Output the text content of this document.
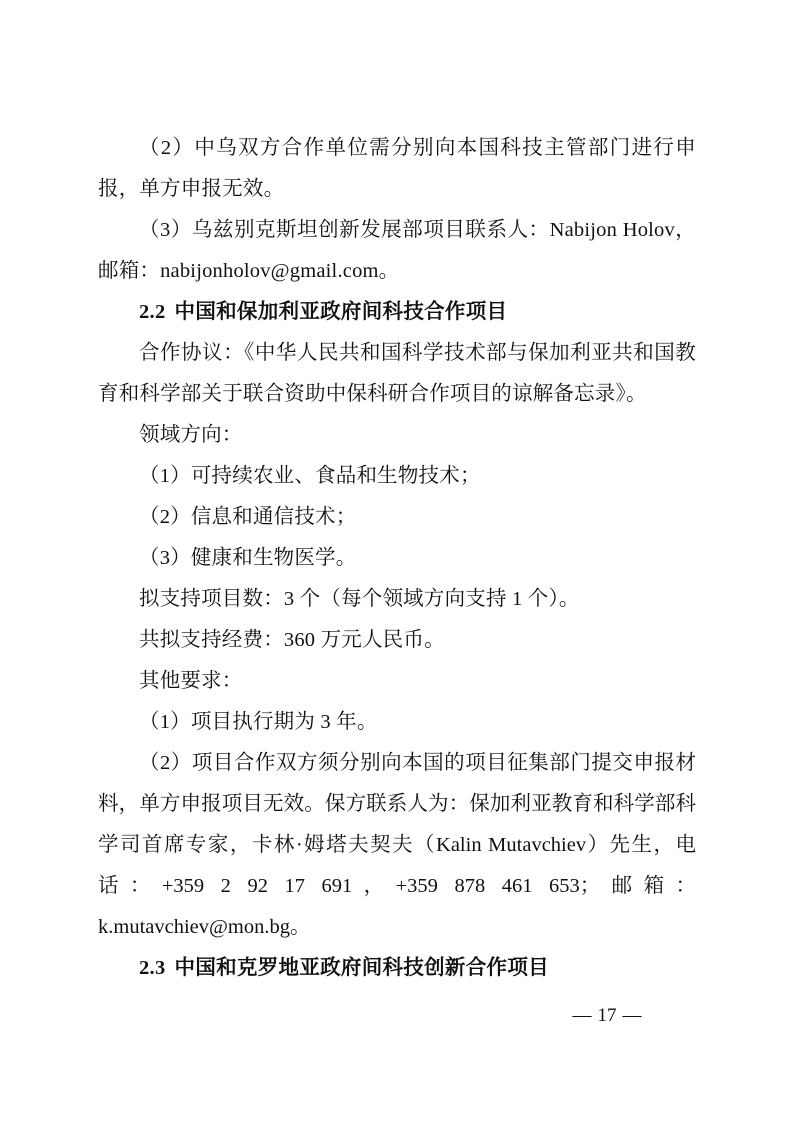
（2）中乌双方合作单位需分别向本国科技主管部门进行申报，单方申报无效。

（3）乌兹别克斯坦创新发展部项目联系人：Nabijon Holov，邮箱：nabijonholov@gmail.com。

2.2 中国和保加利亚政府间科技合作项目

合作协议：《中华人民共和国科学技术部与保加利亚共和国教育和科学部关于联合资助中保科研合作项目的谅解备忘录》。

领域方向：

（1）可持续农业、食品和生物技术；

（2）信息和通信技术；

（3）健康和生物医学。

拟支持项目数：3 个（每个领域方向支持 1 个）。

共拟支持经费：360 万元人民币。

其他要求：

（1）项目执行期为 3 年。

（2）项目合作双方须分别向本国的项目征集部门提交申报材料，单方申报项目无效。保方联系人为：保加利亚教育和科学部科学司首席专家，卡林·姆塔夫契夫（Kalin Mutavchiev）先生，电话：+359 2 92 17 691，+359 878 461 653；邮箱：k.mutavchiev@mon.bg。

2.3 中国和克罗地亚政府间科技创新合作项目
— 17 —
